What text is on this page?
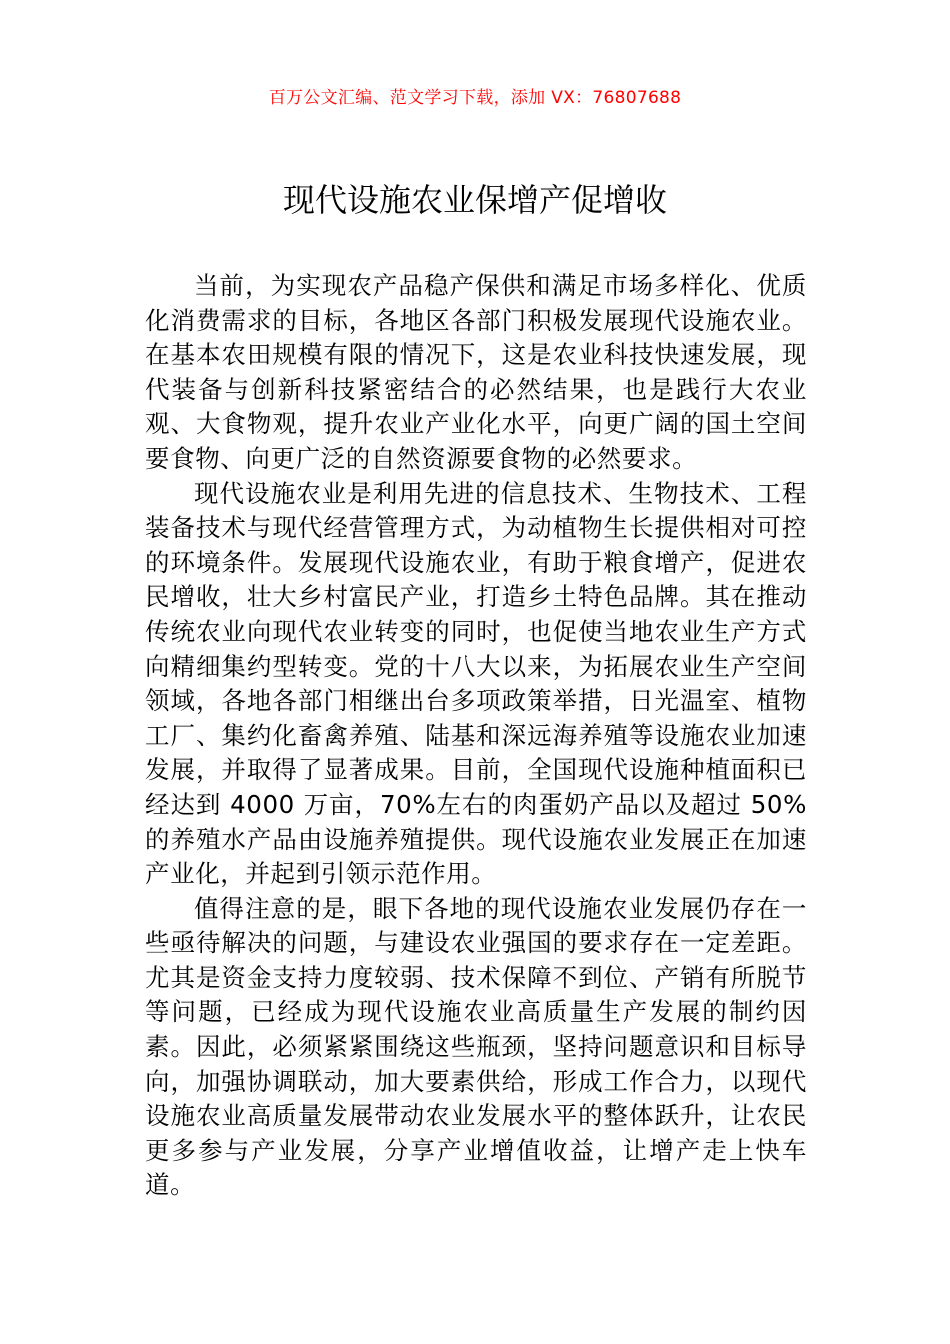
百万公文汇编、范文学习下载，添加 VX：76807688
现代设施农业保增产促增收

当前，为实现农产品稳产保供和满足市场多样化、优质化消费需求的目标，各地区各部门积极发展现代设施农业。在基本农田规模有限的情况下，这是农业科技快速发展，现代装备与创新科技紧密结合的必然结果，也是践行大农业观、大食物观，提升农业产业化水平，向更广阔的国土空间要食物、向更广泛的自然资源要食物的必然要求。

现代设施农业是利用先进的信息技术、生物技术、工程装备技术与现代经营管理方式，为动植物生长提供相对可控的环境条件。发展现代设施农业，有助于粮食增产，促进农民增收，壮大乡村富民产业，打造乡土特色品牌。其在推动传统农业向现代农业转变的同时，也促使当地农业生产方式向精细集约型转变。党的十八大以来，为拓展农业生产空间领域，各地各部门相继出台多项政策举措，日光温室、植物工厂、集约化畜禽养殖、陆基和深远海养殖等设施农业加速发展，并取得了显著成果。目前，全国现代设施种植面积已经达到 4000 万亩，70%左右的肉蛋奶产品以及超过 50%的养殖水产品由设施养殖提供。现代设施农业发展正在加速产业化，并起到引领示范作用。

值得注意的是，眼下各地的现代设施农业发展仍存在一些亟待解决的问题，与建设农业强国的要求存在一定差距。尤其是资金支持力度较弱、技术保障不到位、产销有所脱节等问题，已经成为现代设施农业高质量生产发展的制约因素。因此，必须紧紧围绕这些瓶颈，坚持问题意识和目标导向，加强协调联动，加大要素供给，形成工作合力，以现代设施农业高质量发展带动农业发展水平的整体跃升，让农民更多参与产业发展，分享产业增值收益，让增产走上快车道。
